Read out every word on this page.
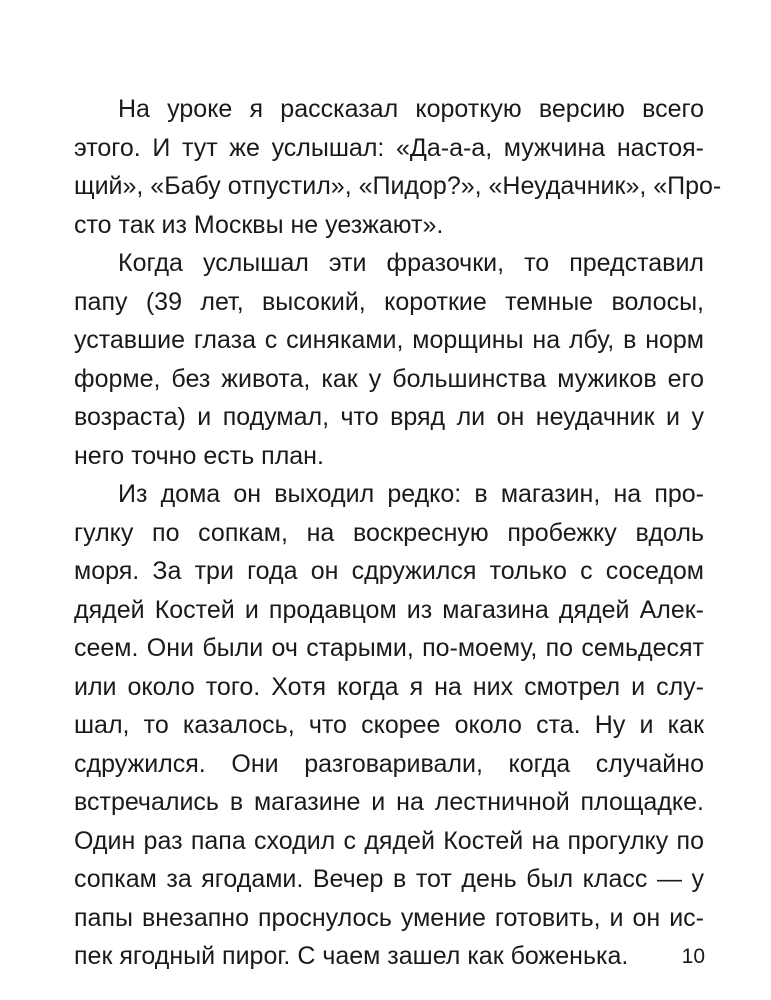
На уроке я рассказал короткую версию всего
этого. И тут же услышал: «Да-а-а, мужчина настоя-
щий», «Бабу отпустил», «Пидор?», «Неудачник», «Про-
сто так из Москвы не уезжают».
Когда услышал эти фразочки, то представил
папу (39 лет, высокий, короткие темные волосы,
уставшие глаза с синяками, морщины на лбу, в норм
форме, без живота, как у большинства мужиков его
возраста) и подумал, что вряд ли он неудачник и у
него точно есть план.
Из дома он выходил редко: в магазин, на про-
гулку по сопкам, на воскресную пробежку вдоль
моря. За три года он сдружился только с соседом
дядей Костей и продавцом из магазина дядей Алек-
сеем. Они были оч старыми, по-моему, по семьдесят
или около того. Хотя когда я на них смотрел и слу-
шал, то казалось, что скорее около ста. Ну и как
сдружился. Они разговаривали, когда случайно
встречались в магазине и на лестничной площадке.
Один раз папа сходил с дядей Костей на прогулку по
сопкам за ягодами. Вечер в тот день был класс — у
папы внезапно проснулось умение готовить, и он ис-
пек ягодный пирог. С чаем зашел как боженька.	10
